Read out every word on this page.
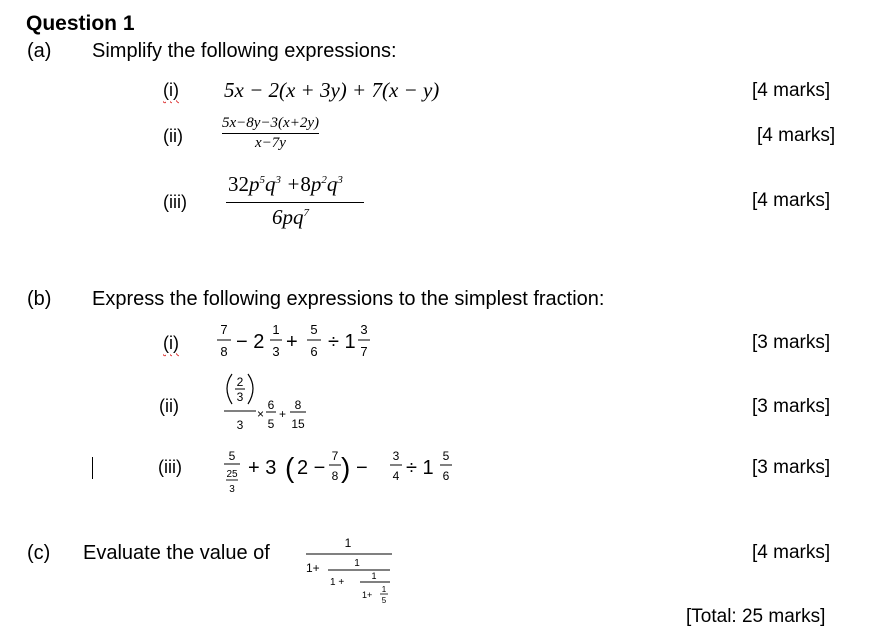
Question 1
(a) Simplify the following expressions:
(i) 5x − 2(x + 3y) + 7(x − y)	[4 marks]
(ii)
5x−8y−3(x+2y)
x−7y	[4 marks]
(iii)
$32p^5q^3 +8p^2q^3$
$6pq^7$
[4 marks]
(b) Express the following expressions to the simplest fraction:
(i)
7
8 − 2
1
3 +
5
6 ÷ 1
3
7	[3 marks]
(ii)
2
3
3
×
6
5
+
8
15
[3 marks]
(iii)
5
25
3
+ 3 ( 2 −
7
8 ) −
3
4 ÷ 1
5
6	[3 marks]
(c) Evaluate the value of	1
1+	1
1 +
1
1+
1
5
[4 marks]
[Total: 25 marks]
